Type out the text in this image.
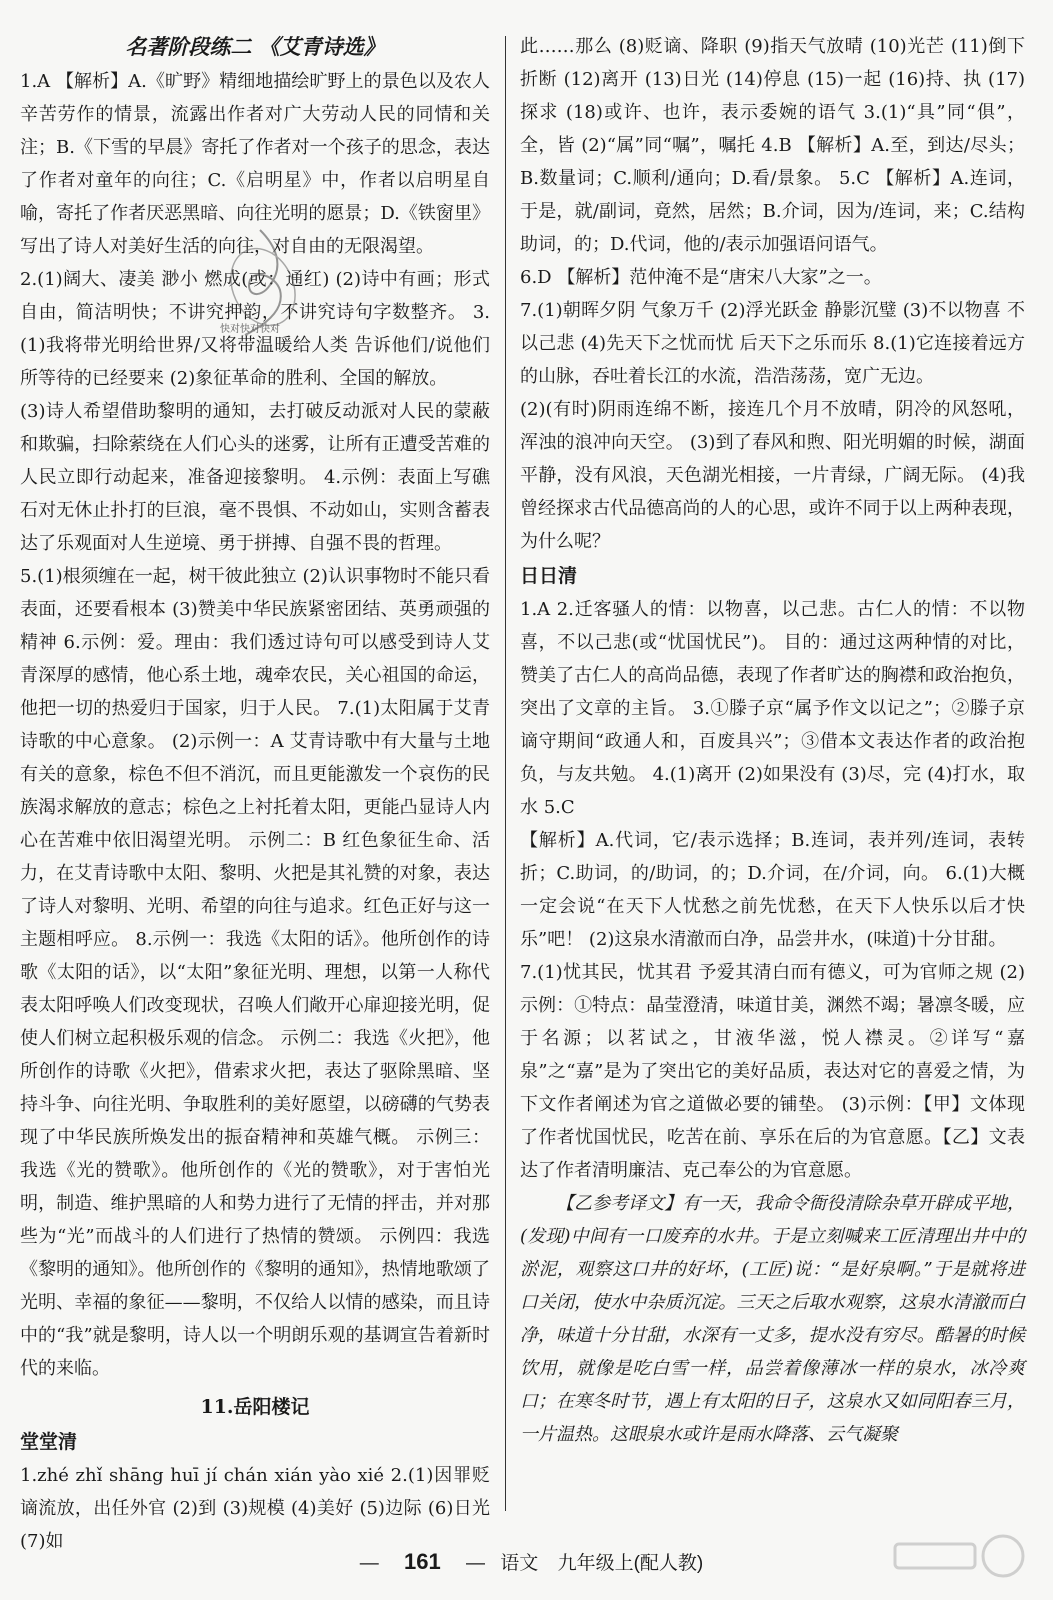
名著阶段练二 《艾青诗选》

1.A 【解析】A.《旷野》精细地描绘旷野上的景色以及农人辛苦劳作的情景，流露出作者对广大劳动人民的同情和关注；B.《下雪的早晨》寄托了作者对一个孩子的思念，表达了作者对童年的向往；C.《启明星》中，作者以启明星自喻，寄托了作者厌恶黑暗、向往光明的愿景；D.《铁窗里》写出了诗人对美好生活的向往，对自由的无限渴望。

2.(1)阔大、凄美 渺小 燃成(或：通红) (2)诗中有画；形式自由，简洁明快；不讲究押韵，不讲究诗句字数整齐。 3.(1)我将带光明给世界/又将带温暖给人类 告诉他们/说他们所等待的已经要来 (2)象征革命的胜利、全国的解放。

(3)诗人希望借助黎明的通知，去打破反动派对人民的蒙蔽和欺骗，扫除萦绕在人们心头的迷雾，让所有正遭受苦难的人民立即行动起来，准备迎接黎明。 4.示例：表面上写礁石对无休止扑打的巨浪，毫不畏惧、不动如山，实则含蓄表达了乐观面对人生逆境、勇于拼搏、自强不畏的哲理。

5.(1)根须缠在一起，树干彼此独立 (2)认识事物时不能只看表面，还要看根本 (3)赞美中华民族紧密团结、英勇顽强的精神 6.示例：爱。理由：我们透过诗句可以感受到诗人艾青深厚的感情，他心系土地，魂牵农民，关心祖国的命运，他把一切的热爱归于国家，归于人民。 7.(1)太阳属于艾青诗歌的中心意象。 (2)示例一：A 艾青诗歌中有大量与土地有关的意象，棕色不但不消沉，而且更能激发一个哀伤的民族渴求解放的意志；棕色之上衬托着太阳，更能凸显诗人内心在苦难中依旧渴望光明。 示例二：B 红色象征生命、活力，在艾青诗歌中太阳、黎明、火把是其礼赞的对象，表达了诗人对黎明、光明、希望的向往与追求。红色正好与这一主题相呼应。 8.示例一：我选《太阳的话》。他所创作的诗歌《太阳的话》，以“太阳”象征光明、理想，以第一人称代表太阳呼唤人们改变现状，召唤人们敞开心扉迎接光明，促使人们树立起积极乐观的信念。 示例二：我选《火把》，他所创作的诗歌《火把》，借索求火把，表达了驱除黑暗、坚持斗争、向往光明、争取胜利的美好愿望，以磅礴的气势表现了中华民族所焕发出的振奋精神和英雄气概。 示例三：我选《光的赞歌》。他所创作的《光的赞歌》，对于害怕光明，制造、维护黑暗的人和势力进行了无情的抨击，并对那些为“光”而战斗的人们进行了热情的赞颂。 示例四：我选《黎明的通知》。他所创作的《黎明的通知》，热情地歌颂了光明、幸福的象征——黎明，不仅给人以情的感染，而且诗中的“我”就是黎明，诗人以一个明朗乐观的基调宣告着新时代的来临。

11.岳阳楼记
堂堂清

1.zhé zhǐ shāng huī jí chán xián yào xié 2.(1)因罪贬谪流放，出任外官 (2)到 (3)规模 (4)美好 (5)边际 (6)日光 (7)如

此……那么 (8)贬谪、降职 (9)指天气放晴 (10)光芒 (11)倒下 折断 (12)离开 (13)日光 (14)停息 (15)一起 (16)持、执 (17)探求 (18)或许、也许，表示委婉的语气 3.(1)“具”同“俱”，全，皆 (2)“属”同“嘱”，嘱托 4.B 【解析】A.至，到达/尽头；B.数量词；C.顺利/通向；D.看/景象。 5.C 【解析】A.连词，于是，就/副词，竟然，居然；B.介词，因为/连词，来；C.结构助词，的；D.代词，他的/表示加强语问语气。

6.D 【解析】范仲淹不是“唐宋八大家”之一。

7.(1)朝晖夕阴 气象万千 (2)浮光跃金 静影沉璧 (3)不以物喜 不以己悲 (4)先天下之忧而忧 后天下之乐而乐 8.(1)它连接着远方的山脉，吞吐着长江的水流，浩浩荡荡，宽广无边。

(2)(有时)阴雨连绵不断，接连几个月不放晴，阴冷的风怒吼，浑浊的浪冲向天空。 (3)到了春风和煦、阳光明媚的时候，湖面平静，没有风浪，天色湖光相接，一片青绿，广阔无际。 (4)我曾经探求古代品德高尚的人的心思，或许不同于以上两种表现，为什么呢？

日日清

1.A 2.迁客骚人的情：以物喜，以己悲。古仁人的情：不以物喜，不以己悲(或“忧国忧民”)。 目的：通过这两种情的对比，赞美了古仁人的高尚品德，表现了作者旷达的胸襟和政治抱负，突出了文章的主旨。 3.①滕子京“属予作文以记之”；②滕子京谪守期间“政通人和，百废具兴”；③借本文表达作者的政治抱负，与友共勉。 4.(1)离开 (2)如果没有 (3)尽，完 (4)打水，取水 5.C

【解析】A.代词，它/表示选择；B.连词，表并列/连词，表转折；C.助词，的/助词，的；D.介词，在/介词，向。 6.(1)大概一定会说“在天下人忧愁之前先忧愁，在天下人快乐以后才快乐”吧！ (2)这泉水清澈而白净，品尝井水，(味道)十分甘甜。

7.(1)忧其民，忧其君 予爱其清白而有德义，可为官师之规 (2)示例：①特点：晶莹澄清，味道甘美，渊然不竭；暑凛冬暖，应于名源；以茗试之，甘液华滋，悦人襟灵。②详写“嘉泉”之“嘉”是为了突出它的美好品质，表达对它的喜爱之情，为下文作者阐述为官之道做必要的铺垫。 (3)示例：【甲】文体现了作者忧国忧民，吃苦在前、享乐在后的为官意愿。【乙】文表达了作者清明廉洁、克己奉公的为官意愿。

【乙参考译文】有一天，我命令衙役清除杂草开辟成平地，(发现)中间有一口废弃的水井。于是立刻喊来工匠清理出井中的淤泥，观察这口井的好坏，(工匠)说：“是好泉啊。”于是就将进口关闭，使水中杂质沉淀。三天之后取水观察，这泉水清澈而白净，味道十分甘甜，水深有一丈多，提水没有穷尽。酷暑的时候饮用，就像是吃白雪一样，品尝着像薄冰一样的泉水，冰冷爽口；在寒冬时节，遇上有太阳的日子，这泉水又如同阳春三月，一片温热。这眼泉水或许是雨水降落、云气凝聚

快对快对快对
— 161 — 语文 九年级上(配人教)
